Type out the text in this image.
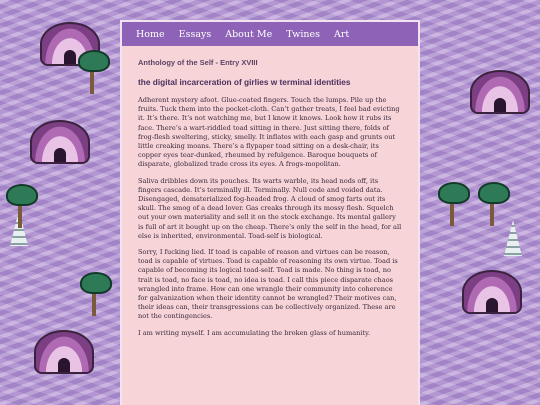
Home Essays About Me Twines Art
Anthology of the Self - Entry XVIII
the digital incarceration of girlies w terminal identities

Adherent mystery afoot. Glue-coated fingers. Touch the lumps. Pile up the fruits. Tuck them into the pocket-cloth. Can’t gather treats, I feel bad evicting it. It’s there. It’s not watching me, but I know it knows. Look how it rubs its face. There’s a wart-riddled toad sitting in there. Just sitting there, folds of frog-flesh sweltering, sticky, smelly. It inflates with each gasp and grunts out little creaking moans. There’s a flypaper toad sitting on a desk-chair, its copper eyes tear-dunked, rheumed by refulgence. Baroque bouquets of disparate, globalized trade cross its eyes. A frogs-mopolitan.

Saliva dribbles down its pouches. Its warts warble, its head nods off, its fingers cascade. It’s terminally ill. Terminally. Null code and voided data. Disengaged, dematerialized fog-headed frog. A cloud of smog farts out its skull. The smog of a dead lover. Gas creaks through its mossy flesh. Squelch out your own materiality and sell it on the stock exchange. Its mental gallery is full of art it bought up on the cheap. There’s only the self in the head, for all else is inherited, environmental. Toad-self is biological.

Sorry, I fucking lied. If toad is capable of reason and virtues can be reason, toad is capable of virtues. Toad is capable of reasoning its own virtue. Toad is capable of becoming its logical toad-self. Toad is made. No thing is toad, no trait is toad, no face is toad, no idea is toad. I call this piece disparate chaos wrangled into frame. How can one wrangle their community into coherence for galvanization when their identity cannot be wrangled? Their motives can, their ideas can, their transgressions can be collectively organized. These are not the contingencies.

I am writing myself. I am accumulating the broken glass of humanity.
